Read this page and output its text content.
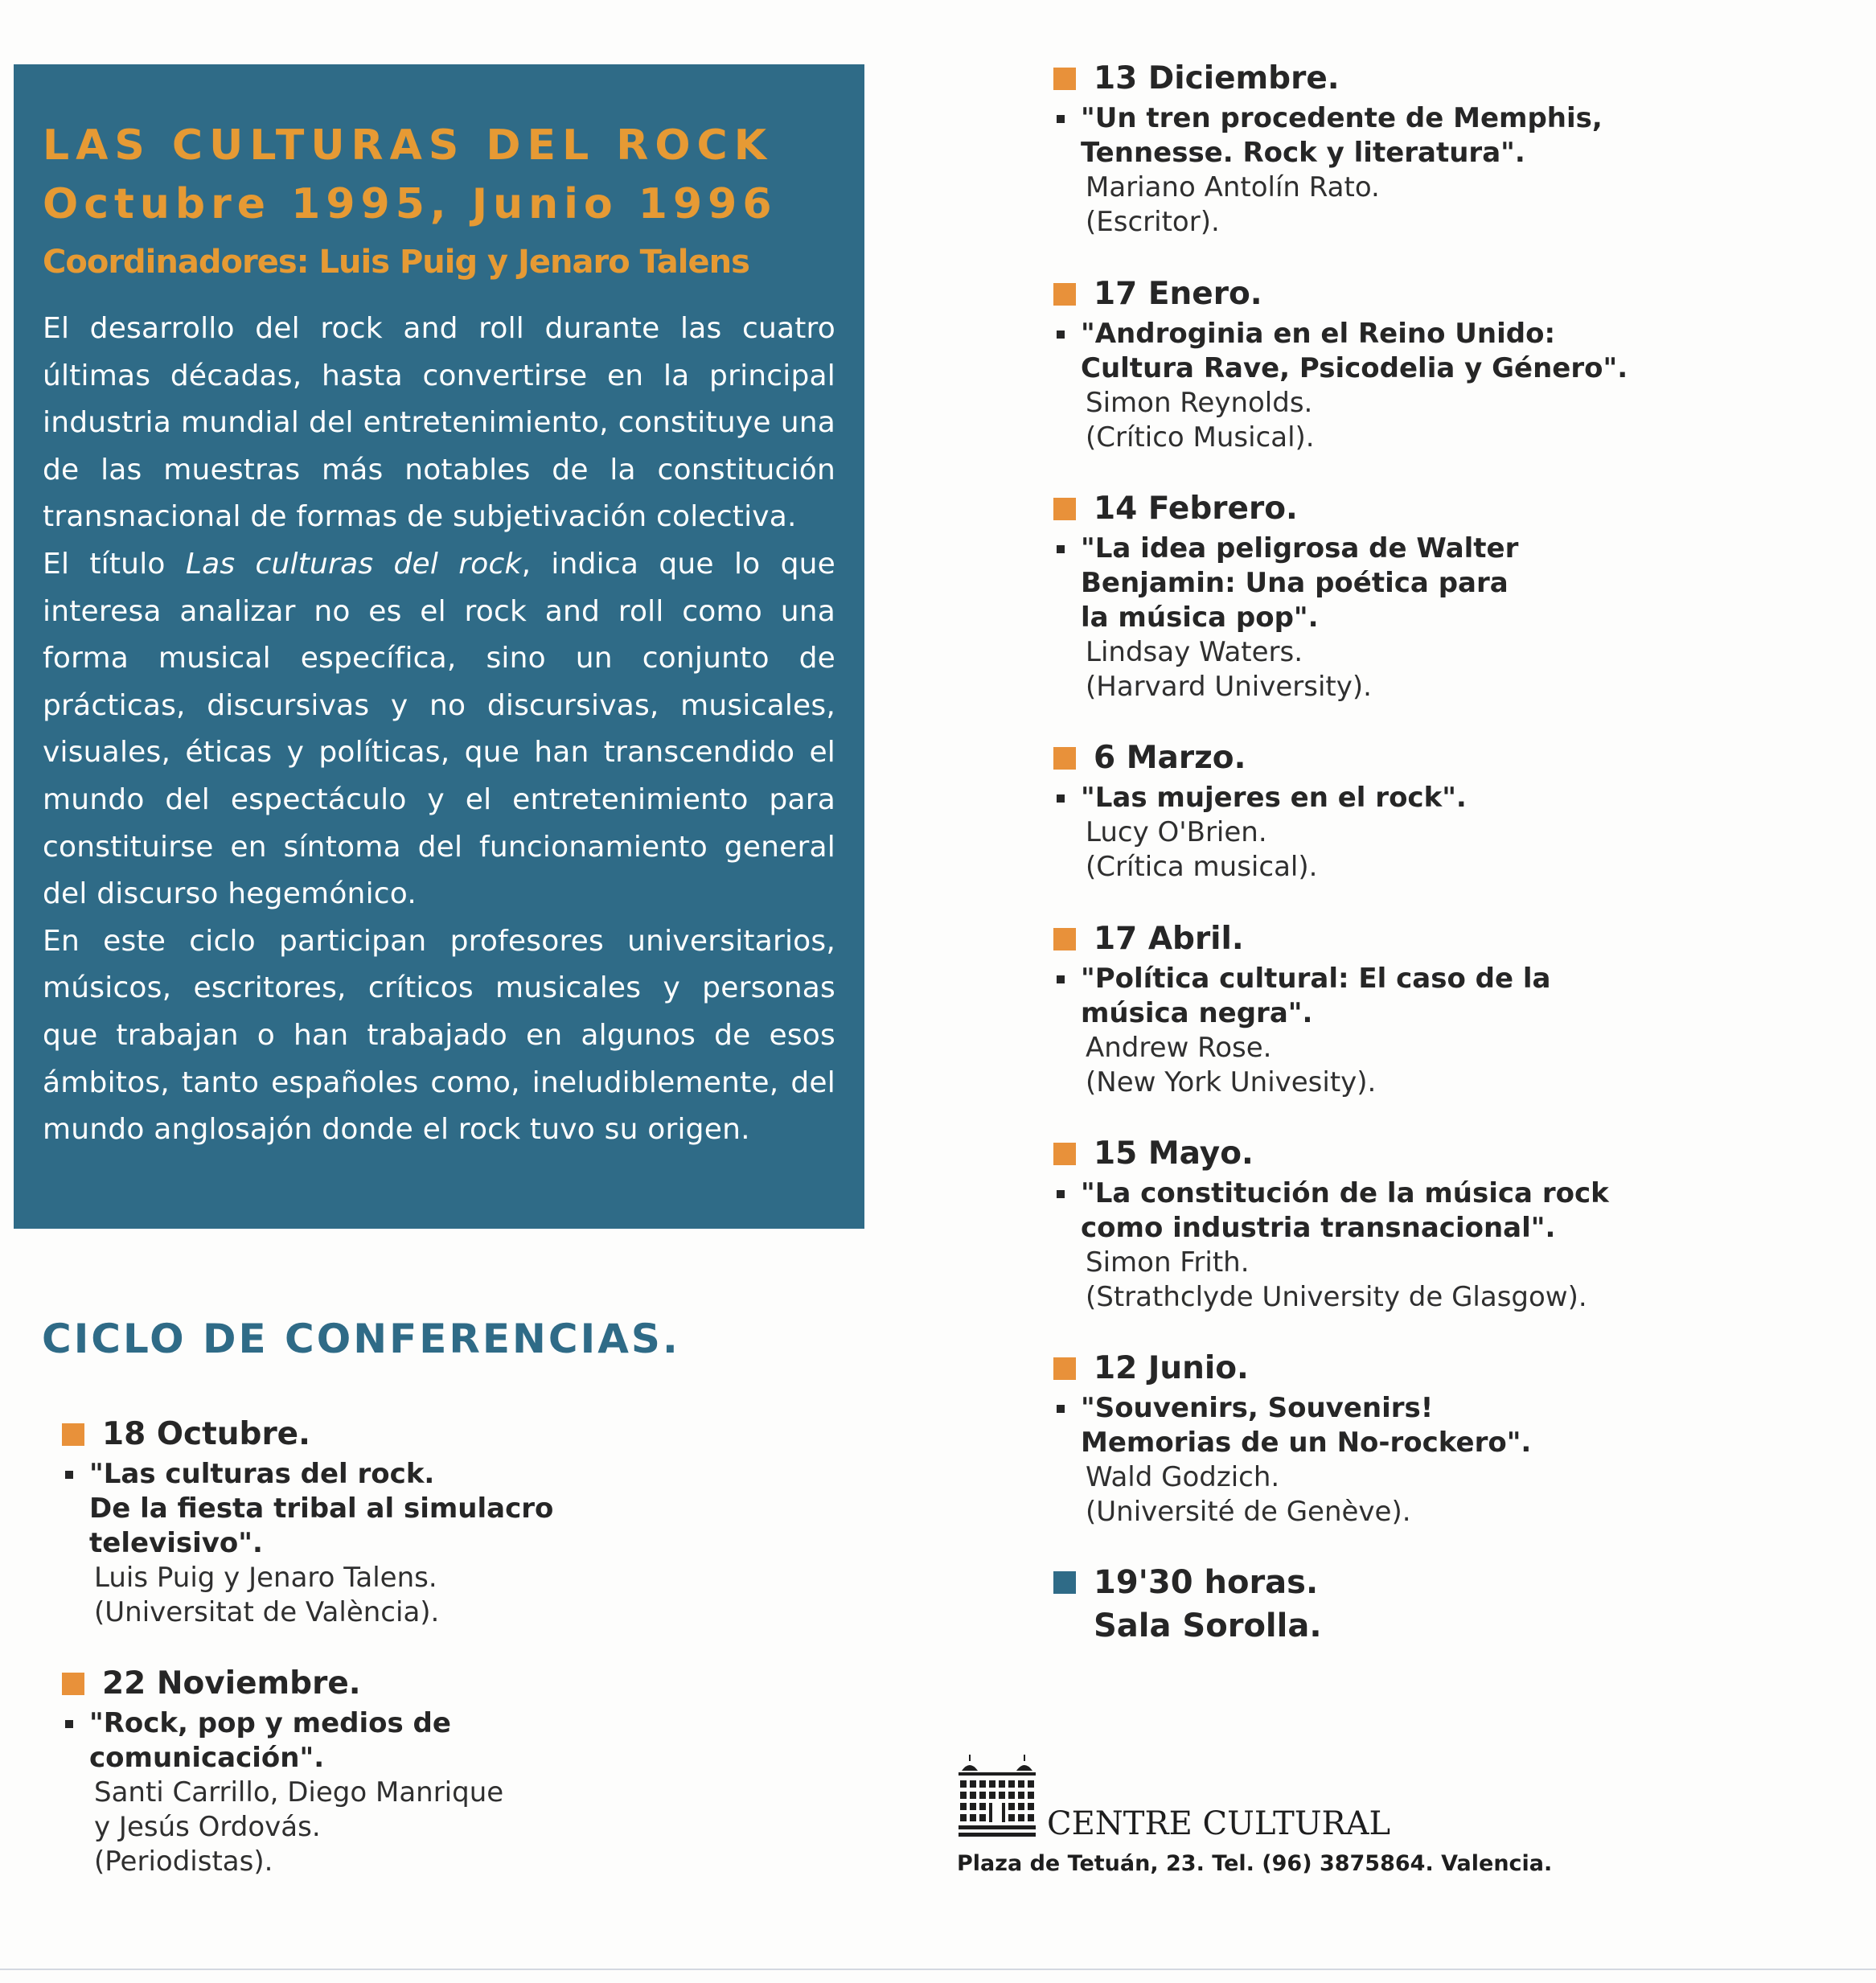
LAS CULTURAS DEL ROCK

Octubre 1995, Junio 1996

Coordinadores: Luis Puig y Jenaro Talens

El desarrollo del rock and roll durante las cuatro últimas décadas, hasta convertirse en la principal industria mundial del entretenimiento, constituye una de las muestras más notables de la constitución transnacional de formas de subjetivación colectiva.

El título Las culturas del rock, indica que lo que interesa analizar no es el rock and roll como una forma musical específica, sino un conjunto de prácticas, discursivas y no discursivas, musicales, visuales, éticas y políticas, que han transcendido el mundo del espectáculo y el entretenimiento para constituirse en síntoma del funcionamiento general del discurso hegemónico.

En este ciclo participan profesores universitarios, músicos, escritores, críticos musicales y personas que trabajan o han trabajado en algunos de esos ámbitos, tanto españoles como, ineludiblemente, del mundo anglosajón donde el rock tuvo su origen.

CICLO DE CONFERENCIAS.
18 Octubre.
"Las culturas del rock.
De la fiesta tribal al simulacro
televisivo".
Luis Puig y Jenaro Talens.
(Universitat de València).
22 Noviembre.
"Rock, pop y medios de
comunicación".
Santi Carrillo, Diego Manrique
y Jesús Ordovás.
(Periodistas).
13 Diciembre.
"Un tren procedente de Memphis,
Tennesse. Rock y literatura".
Mariano Antolín Rato.
(Escritor).
17 Enero.
"Androginia en el Reino Unido:
Cultura Rave, Psicodelia y Género".
Simon Reynolds.
(Crítico Musical).
14 Febrero.
"La idea peligrosa de Walter
Benjamin: Una poética para
la música pop".
Lindsay Waters.
(Harvard University).
6 Marzo.
"Las mujeres en el rock".
Lucy O'Brien.
(Crítica musical).
17 Abril.
"Política cultural: El caso de la
música negra".
Andrew Rose.
(New York Univesity).
15 Mayo.
"La constitución de la música rock
como industria transnacional".
Simon Frith.
(Strathclyde University de Glasgow).
12 Junio.
"Souvenirs, Souvenirs!
Memorias de un No-rockero".
Wald Godzich.
(Université de Genève).
19'30 horas.
Sala Sorolla.
CENTRE CULTURAL
Plaza de Tetuán, 23. Tel. (96) 3875864. Valencia.
